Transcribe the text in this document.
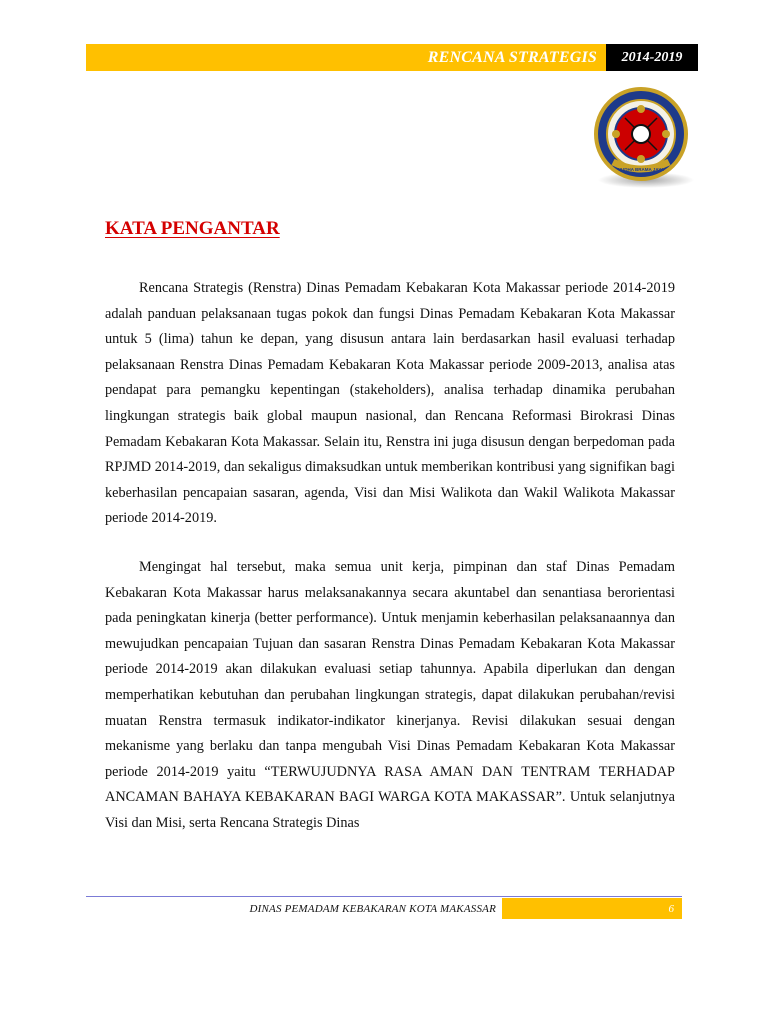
RENCANA STRATEGIS	2014-2019
YUDHA BRAMA JAYA
KATA PENGANTAR

Rencana Strategis (Renstra) Dinas Pemadam Kebakaran Kota Makassar periode 2014-2019 adalah panduan pelaksanaan tugas pokok dan fungsi Dinas Pemadam Kebakaran Kota Makassar untuk 5 (lima) tahun ke depan, yang disusun antara lain berdasarkan hasil evaluasi terhadap pelaksanaan Renstra Dinas Pemadam Kebakaran Kota Makassar periode 2009-2013, analisa atas pendapat para pemangku kepentingan (stakeholders), analisa terhadap dinamika perubahan lingkungan strategis baik global maupun nasional, dan Rencana Reformasi Birokrasi Dinas Pemadam Kebakaran Kota Makassar. Selain itu, Renstra ini juga disusun dengan berpedoman pada RPJMD 2014-2019, dan sekaligus dimaksudkan untuk memberikan kontribusi yang signifikan bagi keberhasilan pencapaian sasaran, agenda, Visi dan Misi Walikota dan Wakil Walikota Makassar periode 2014-2019.

Mengingat hal tersebut, maka semua unit kerja, pimpinan dan staf Dinas Pemadam Kebakaran Kota Makassar harus melaksanakannya secara akuntabel dan senantiasa berorientasi pada peningkatan kinerja (better performance). Untuk menjamin keberhasilan pelaksanaannya dan mewujudkan pencapaian Tujuan dan sasaran Renstra Dinas Pemadam Kebakaran Kota Makassar periode 2014-2019 akan dilakukan evaluasi setiap tahunnya. Apabila diperlukan dan dengan memperhatikan kebutuhan dan perubahan lingkungan strategis, dapat dilakukan perubahan/revisi muatan Renstra termasuk indikator-indikator kinerjanya. Revisi dilakukan sesuai dengan mekanisme yang berlaku dan tanpa mengubah Visi Dinas Pemadam Kebakaran Kota Makassar periode 2014-2019 yaitu “TERWUJUDNYA RASA AMAN DAN TENTRAM TERHADAP ANCAMAN BAHAYA KEBAKARAN BAGI WARGA KOTA MAKASSAR”. Untuk selanjutnya Visi dan Misi, serta Rencana Strategis Dinas

DINAS PEMADAM KEBAKARAN KOTA MAKASSAR	6
